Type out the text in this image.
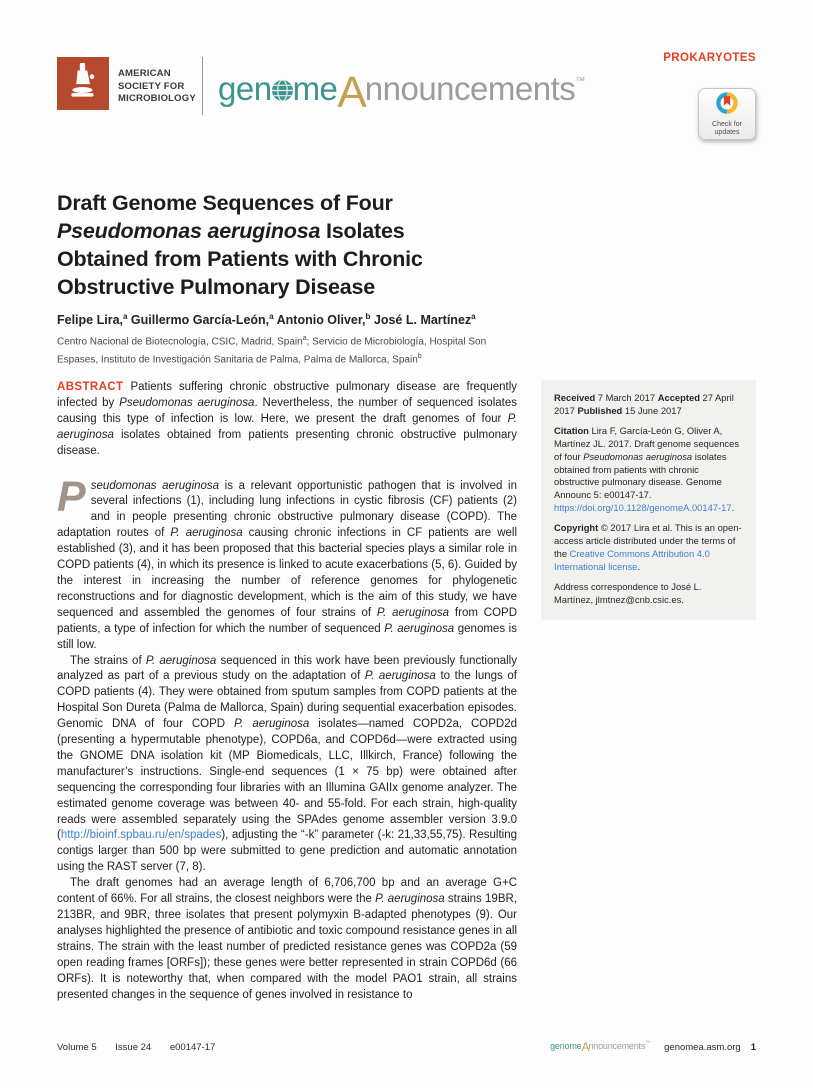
AMERICAN SOCIETY FOR MICROBIOLOGY gen meAnnouncements™
PROKARYOTES
Check for
updates
Draft Genome Sequences of Four Pseudomonas aeruginosa Isolates Obtained from Patients with Chronic Obstructive Pulmonary Disease
Felipe Lira,$^a$ Guillermo García-León,$^a$ Antonio Oliver,$^b$ José L. Martínez$^a$
Centro Nacional de Biotecnología, CSIC, Madrid, Spain$^a$; Servicio de Microbiología, Hospital Son Espases, Instituto de Investigación Sanitaria de Palma, Palma de Mallorca, Spain$^b$

ABSTRACT Patients suffering chronic obstructive pulmonary disease are frequently infected by Pseudomonas aeruginosa. Nevertheless, the number of sequenced isolates causing this type of infection is low. Here, we present the draft genomes of four P. aeruginosa isolates obtained from patients presenting chronic obstructive pulmonary disease.

Pseudomonas aeruginosa is a relevant opportunistic pathogen that is involved in several infections (1), including lung infections in cystic fibrosis (CF) patients (2) and in people presenting chronic obstructive pulmonary disease (COPD). The adaptation routes of P. aeruginosa causing chronic infections in CF patients are well established (3), and it has been proposed that this bacterial species plays a similar role in COPD patients (4), in which its presence is linked to acute exacerbations (5, 6). Guided by the interest in increasing the number of reference genomes for phylogenetic reconstructions and for diagnostic development, which is the aim of this study, we have sequenced and assembled the genomes of four strains of P. aeruginosa from COPD patients, a type of infection for which the number of sequenced P. aeruginosa genomes is still low.

The strains of P. aeruginosa sequenced in this work have been previously functionally analyzed as part of a previous study on the adaptation of P. aeruginosa to the lungs of COPD patients (4). They were obtained from sputum samples from COPD patients at the Hospital Son Dureta (Palma de Mallorca, Spain) during sequential exacerbation episodes. Genomic DNA of four COPD P. aeruginosa isolates—named COPD2a, COPD2d (presenting a hypermutable phenotype), COPD6a, and COPD6d—were extracted using the GNOME DNA isolation kit (MP Biomedicals, LLC, Illkirch, France) following the manufacturer’s instructions. Single-end sequences (1 × 75 bp) were obtained after sequencing the corresponding four libraries with an Illumina GAIIx genome analyzer. The estimated genome coverage was between 40- and 55-fold. For each strain, high-quality reads were assembled separately using the SPAdes genome assembler version 3.9.0 (http://bioinf.spbau.ru/en/spades), adjusting the “-k” parameter (-k: 21,33,55,75). Resulting contigs larger than 500 bp were submitted to gene prediction and automatic annotation using the RAST server (7, 8).

The draft genomes had an average length of 6,706,700 bp and an average G+C content of 66%. For all strains, the closest neighbors were the P. aeruginosa strains 19BR, 213BR, and 9BR, three isolates that present polymyxin B-adapted phenotypes (9). Our analyses highlighted the presence of antibiotic and toxic compound resistance genes in all strains. The strain with the least number of predicted resistance genes was COPD2a (59 open reading frames [ORFs]); these genes were better represented in strain COPD6d (66 ORFs). It is noteworthy that, when compared with the model PAO1 strain, all strains presented changes in the sequence of genes involved in resistance to

Received 7 March 2017 Accepted 27 April 2017 Published 15 June 2017

Citation Lira F, García-León G, Oliver A, Martínez JL. 2017. Draft genome sequences of four Pseudomonas aeruginosa isolates obtained from patients with chronic obstructive pulmonary disease. Genome Announc 5: e00147-17. https://doi.org/10.1128/genomeA.00147-17.

Copyright © 2017 Lira et al. This is an open-access article distributed under the terms of the Creative Commons Attribution 4.0 International license.

Address correspondence to José L. Martínez, jlmtnez@cnb.csic.es.

Volume 5 Issue 24 e00147-17	genomeAnnouncements™ genomea.asm.org 1
